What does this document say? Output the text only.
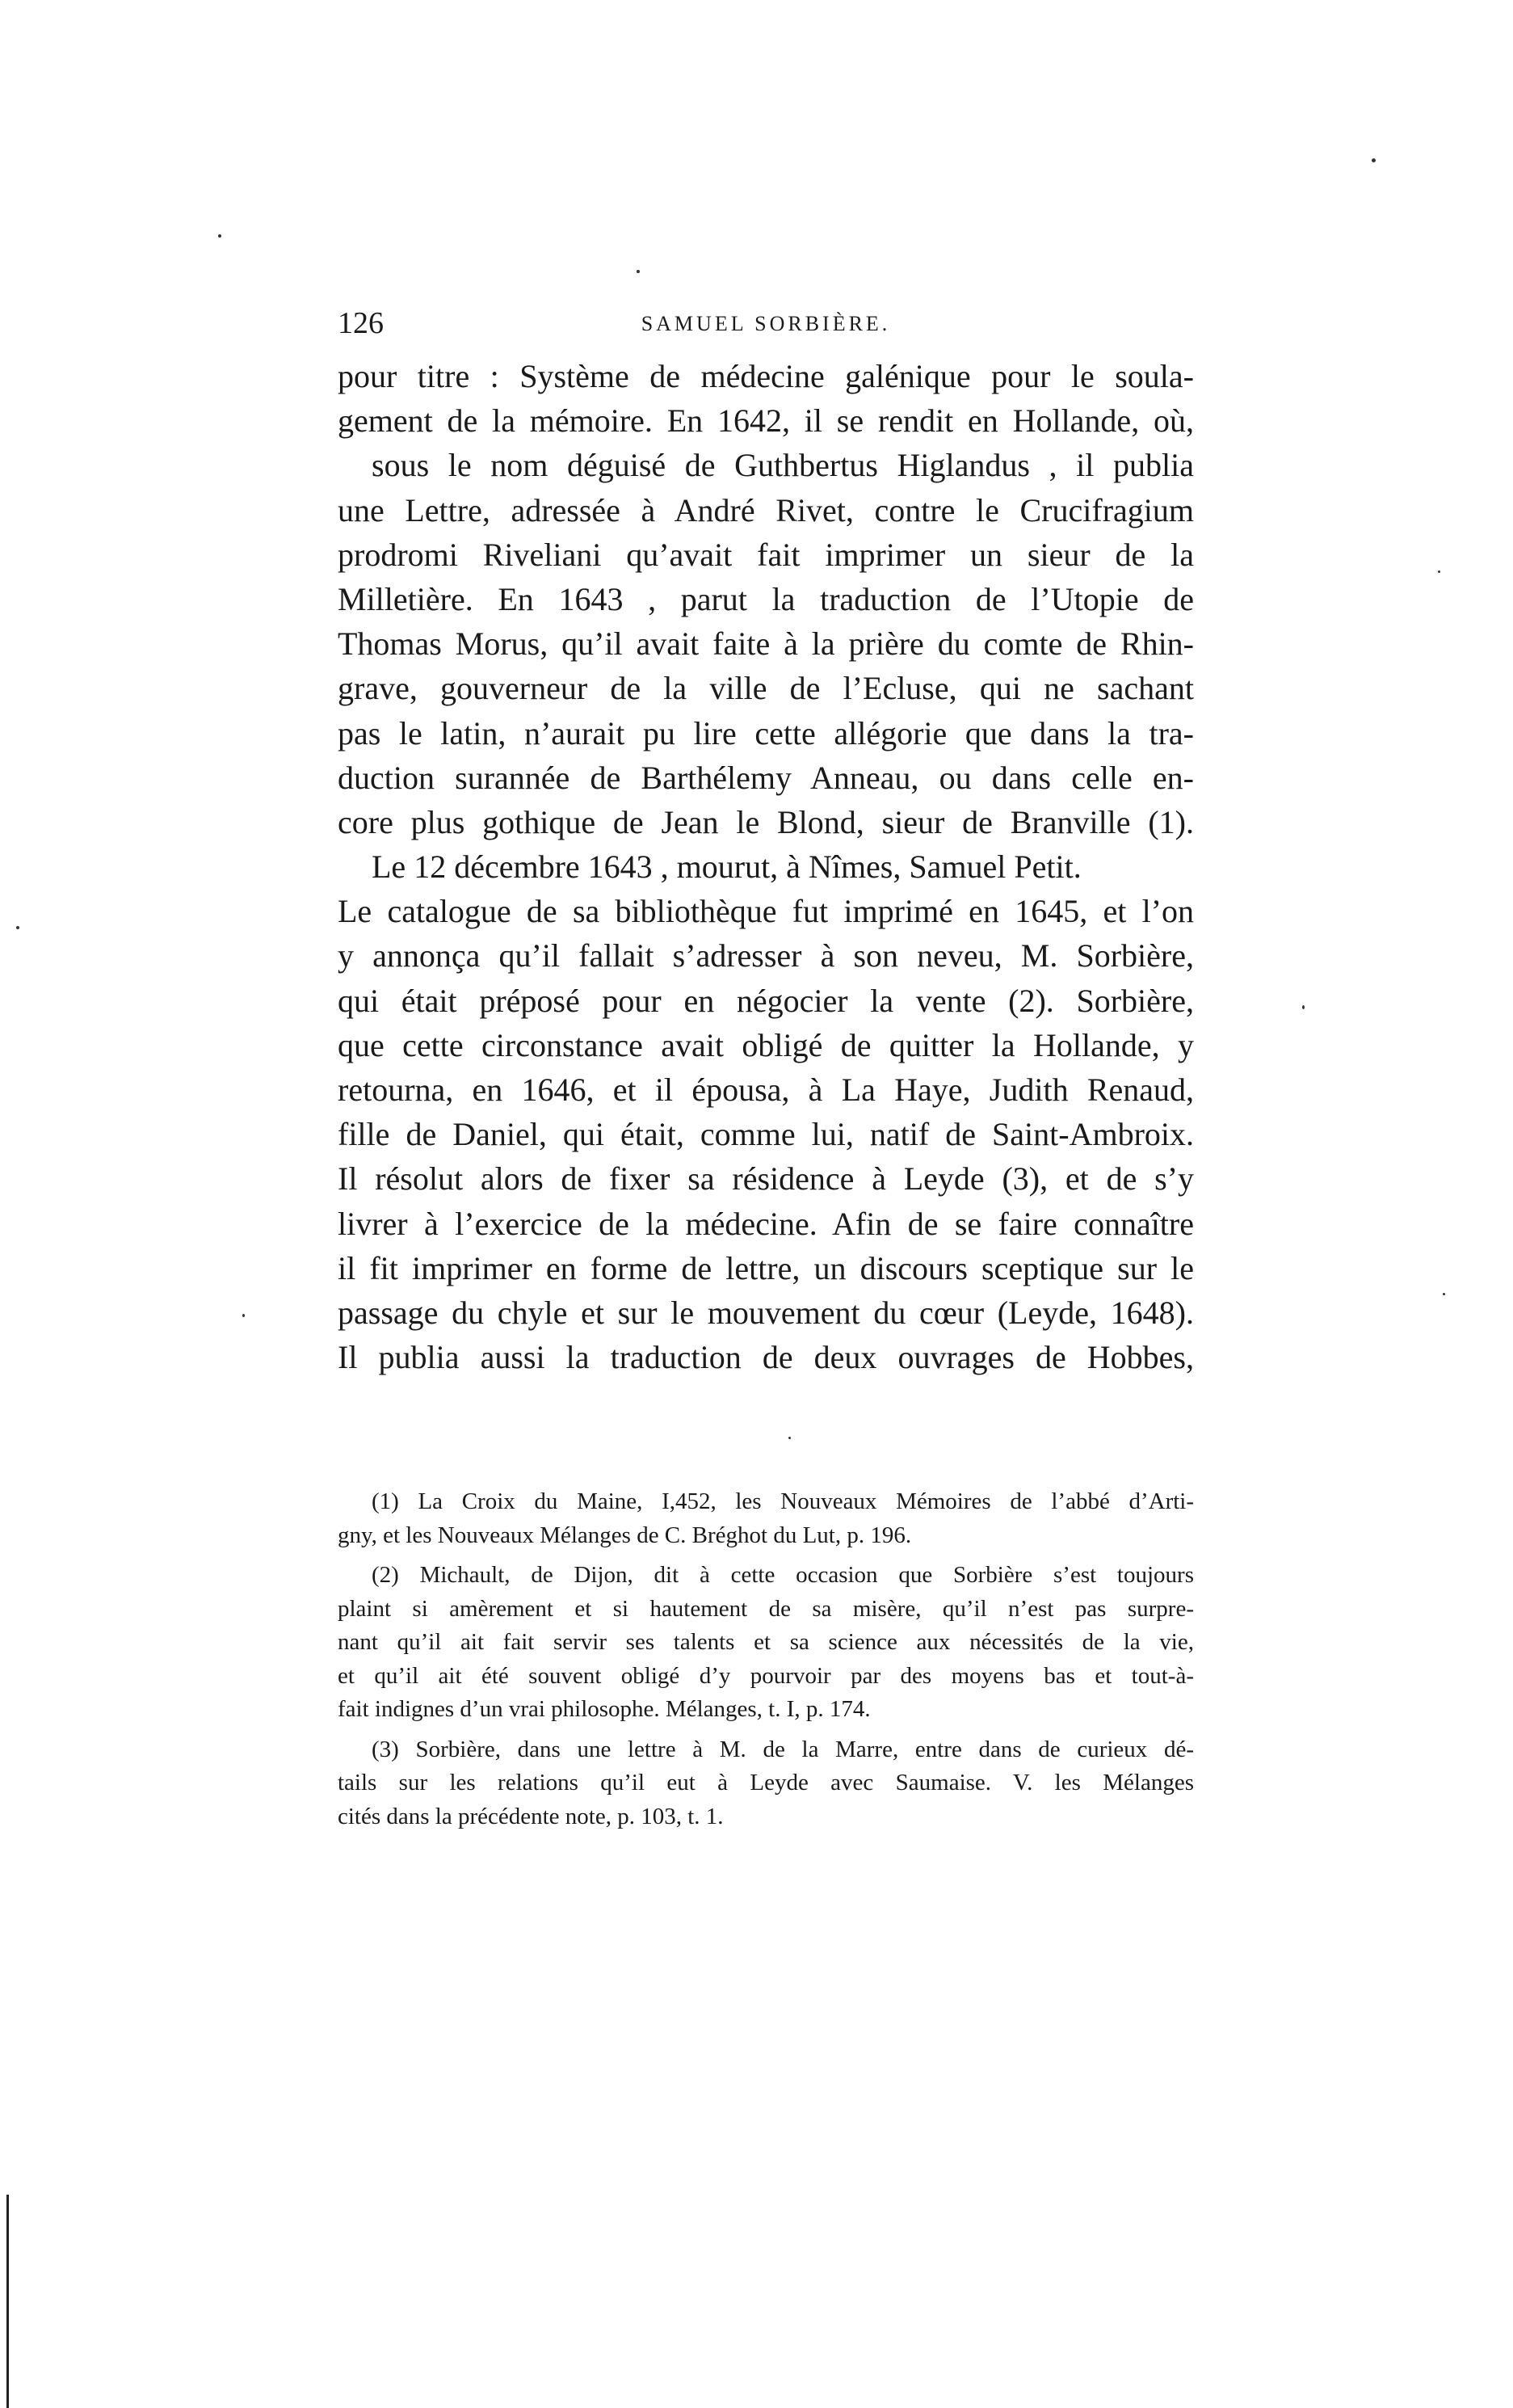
126	SAMUEL SORBIÈRE.
pour titre : Système de médecine galénique pour le soula-
gement de la mémoire. En 1642, il se rendit en Hollande, où,
sous le nom déguisé de Guthbertus Higlandus , il publia
une Lettre, adressée à André Rivet, contre le Crucifragium
prodromi Riveliani qu’avait fait imprimer un sieur de la
Milletière. En 1643 , parut la traduction de l’Utopie de
Thomas Morus, qu’il avait faite à la prière du comte de Rhin-
grave, gouverneur de la ville de l’Ecluse, qui ne sachant
pas le latin, n’aurait pu lire cette allégorie que dans la tra-
duction surannée de Barthélemy Anneau, ou dans celle en-
core plus gothique de Jean le Blond, sieur de Branville (1).
Le 12 décembre 1643 , mourut, à Nîmes, Samuel Petit.
Le catalogue de sa bibliothèque fut imprimé en 1645, et l’on
y annonça qu’il fallait s’adresser à son neveu, M. Sorbière,
qui était préposé pour en négocier la vente (2). Sorbière,
que cette circonstance avait obligé de quitter la Hollande, y
retourna, en 1646, et il épousa, à La Haye, Judith Renaud,
fille de Daniel, qui était, comme lui, natif de Saint-Ambroix.
Il résolut alors de fixer sa résidence à Leyde (3), et de s’y
livrer à l’exercice de la médecine. Afin de se faire connaître
il fit imprimer en forme de lettre, un discours sceptique sur le
passage du chyle et sur le mouvement du cœur (Leyde, 1648).
Il publia aussi la traduction de deux ouvrages de Hobbes,
(1) La Croix du Maine, I,452, les Nouveaux Mémoires de l’abbé d’Arti-
gny, et les Nouveaux Mélanges de C. Bréghot du Lut, p. 196.
(2) Michault, de Dijon, dit à cette occasion que Sorbière s’est toujours
plaint si amèrement et si hautement de sa misère, qu’il n’est pas surpre-
nant qu’il ait fait servir ses talents et sa science aux nécessités de la vie,
et qu’il ait été souvent obligé d’y pourvoir par des moyens bas et tout-à-
fait indignes d’un vrai philosophe. Mélanges, t. I, p. 174.
(3) Sorbière, dans une lettre à M. de la Marre, entre dans de curieux dé-
tails sur les relations qu’il eut à Leyde avec Saumaise. V. les Mélanges
cités dans la précédente note, p. 103, t. 1.
